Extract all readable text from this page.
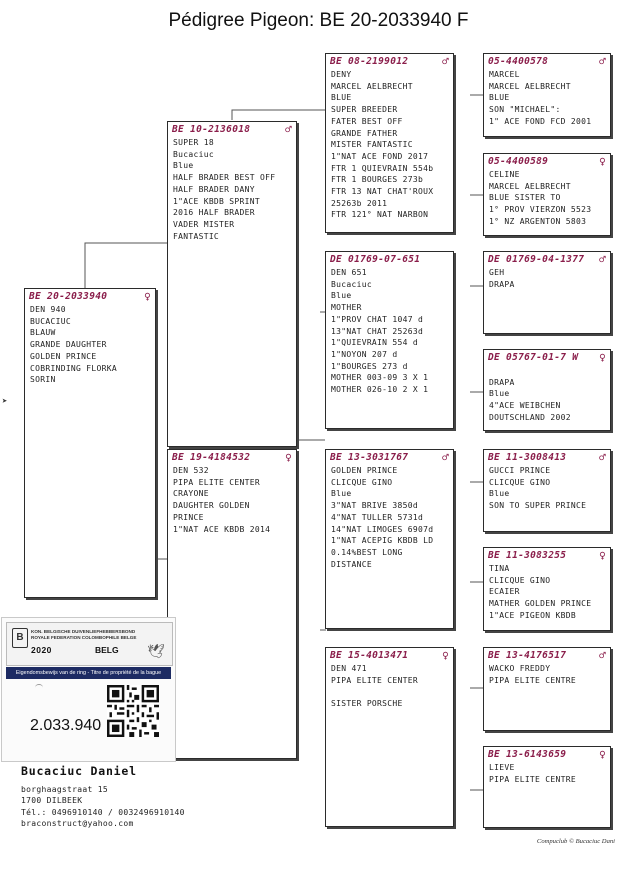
Pédigree Pigeon: BE 20-2033940 F
BE 20-2033940	♀
DEN 940
BUCACIUC
BLAUW
GRANDE DAUGHTER
GOLDEN PRINCE
COBRINDING FLORKA
SORIN
BE 10-2136018	♂
SUPER 18
Bucaciuc
Blue
HALF BRADER BEST OFF
HALF BRADER DANY
1"ACE KBDB SPRINT
2016 HALF BRADER
VADER MISTER
FANTASTIC
BE 19-4184532	♀
DEN 532
PIPA ELITE CENTER
CRAYONE
DAUGHTER GOLDEN
PRINCE
1"NAT ACE KBDB 2014
BE 08-2199012	♂
DENY
MARCEL AELBRECHT
BLUE
SUPER BREEDER
FATER BEST OFF
GRANDE FATHER
MISTER FANTASTIC
1"NAT ACE FOND 2017
FTR 1 QUIEVRAIN 554b
FTR 1 BOURGES 273b
FTR 13 NAT CHAT'ROUX
25263b 2011
FTR 121° NAT NARBON
DE 01769-07-651
DEN 651
Bucaciuc
Blue
MOTHER
1"PROV CHAT 1047 d
13"NAT CHAT 25263d
1"QUIEVRAIN 554 d
1"NOYON 207 d
1"BOURGES 273 d
MOTHER 003-09 3 X 1
MOTHER 026-10 2 X 1
BE 13-3031767	♂
GOLDEN PRINCE
CLICQUE GINO
Blue
3"NAT BRIVE 3850d
4"NAT TULLER 5731d
14"NAT LIMOGES 6907d
1"NAT ACEPIG KBDB LD
0.14%BEST LONG
DISTANCE
BE 15-4013471	♀
DEN 471
PIPA ELITE CENTER

SISTER PORSCHE
05-4400578	♂
MARCEL
MARCEL AELBRECHT
BLUE
SON "MICHAEL":
1" ACE FOND FCD 2001
05-4400589	♀
CELINE
MARCEL AELBRECHT
BLUE SISTER TO
1° PROV VIERZON 5523
1° NZ ARGENTON 5803
DE 01769-04-1377 ♂
GEH
DRAPA
DE 05767-01-7 W ♀

DRAPA
Blue
4"ACE WEIBCHEN
DOUTSCHLAND 2002
BE 11-3008413	♂
GUCCI PRINCE
CLICQUE GINO
Blue
SON TO SUPER PRINCE
BE 11-3083255	♀
TINA
CLICQUE GINO
ECAIER
MATHER GOLDEN PRINCE
1"ACE PIGEON KBDB
BE 13-4176517	♂
WACKO FREDDY
PIPA ELITE CENTRE
BE 13-6143659	♀
LIEVE
PIPA ELITE CENTRE
➤
B
KON. BELGISCHE DUIVENLIEFHEBBERSBOND
ROYALE FEDERATION COLOMBOPHILE BELGE
2020	BELG 🕊
Eigendomsbewijs van de ring - Titre de propriété de la bague
2.033.940
Bucaciuc Daniel
borghaagstraat 15
1700 DILBEEK
Tél.: 0496910140 / 0032496910140
braconstruct@yahoo.com
Compuclub © Bucaciuc Dani
